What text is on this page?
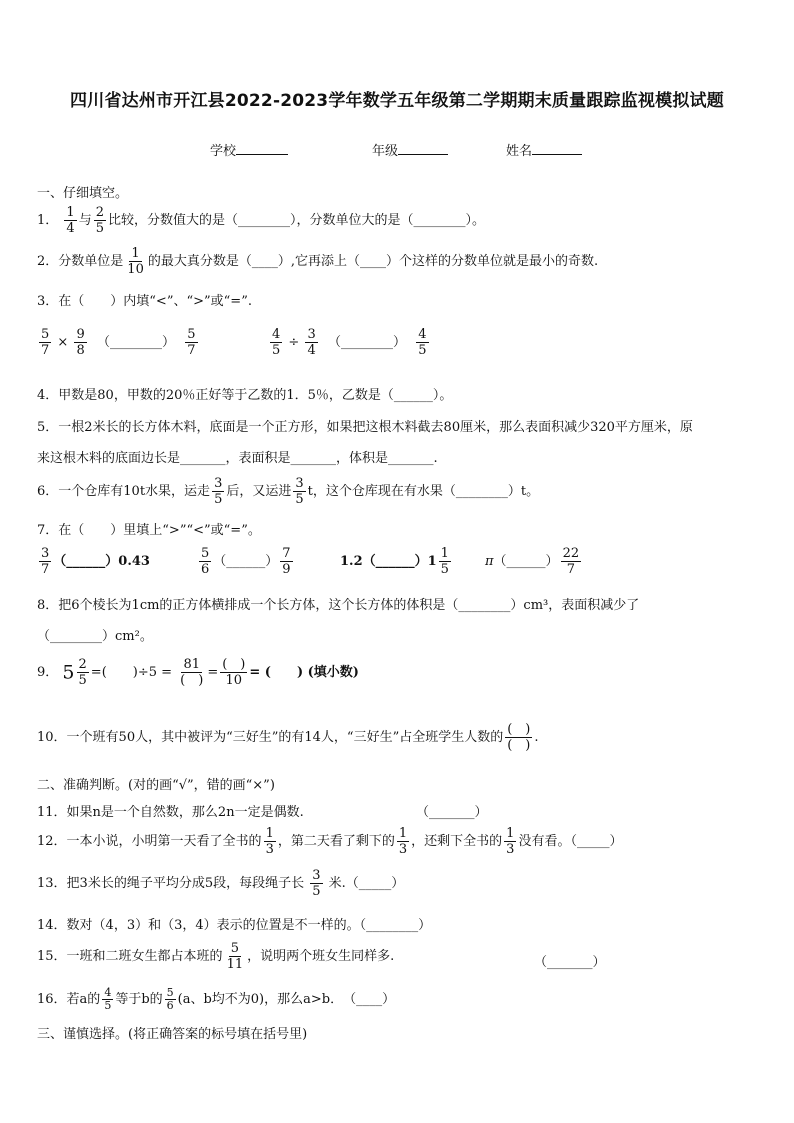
四川省达州市开江县2022-2023学年数学五年级第二学期期末质量跟踪监视模拟试题
学校	年级	姓名
一、仔细填空。
1． $\frac{1}{4}$ 与 $\frac{2}{5}$ 比较，分数值大的是（________），分数单位大的是（________）。
2．分数单位是 $\frac{1}{10}$ 的最大真分数是（____）,它再添上（____）个这样的分数单位就是最小的奇数.
3．在（　　）内填“<”、“>”或“=”.
$\frac{5}{7} \times \frac{9}{8}$ （________） $\frac{5}{7}$	$\frac{4}{5} \div \frac{3}{4}$ （________） $\frac{4}{5}$
4．甲数是80，甲数的20％正好等于乙数的1．5％，乙数是（______）。
5．一根2米长的长方体木料，底面是一个正方形，如果把这根木料截去80厘米，那么表面积减少320平方厘米，原
来这根木料的底面边长是_______，表面积是_______，体积是_______.
6．一个仓库有10t水果，运走 $\frac{3}{5}$ 后，又运进 $\frac{3}{5}$ t，这个仓库现在有水果（________）t。
7．在（　　）里填上“>”“<”或“=”。
$\frac{3}{7}$ （______）0.43	$\frac{5}{6}$ （______） $\frac{7}{9}$	1.2（______）1 $\frac{1}{5}$	π（______） $\frac{22}{7}$
8．把6个棱长为1cm的正方体横排成一个长方体，这个长方体的体积是（________）cm³，表面积减少了
（________）cm²。
9． $5 \frac{2}{5}$ =(　　)$\div 5 = \frac{81}{( )} = \frac{( )}{10}$ = (　　) (填小数)
10．一个班有50人，其中被评为“三好生”的有14人，“三好生”占全班学生人数的 $\frac{( )}{( )}$ .
二、准确判断。(对的画“√”，错的画“×”)
11．如果n是一个自然数，那么2n一定是偶数.	（_______）
12．一本小说，小明第一天看了全书的 $\frac{1}{3}$ ，第二天看了剩下的 $\frac{1}{3}$ ，还剩下全书的 $\frac{1}{3}$ 没有看。（_____）
13．把3米长的绳子平均分成5段，每段绳子长 $\frac{3}{5}$ 米.（_____）
14．数对（4，3）和（3，4）表示的位置是不一样的。（________）
15．一班和二班女生都占本班的 $\frac{5}{11}$ ，说明两个班女生同样多.	（_______）
16．若a的 $\frac{4}{5}$ 等于b的 $\frac{5}{6} (a$、b均不为0)，那么a>b．　（____）
三、谨慎选择。(将正确答案的标号填在括号里)
